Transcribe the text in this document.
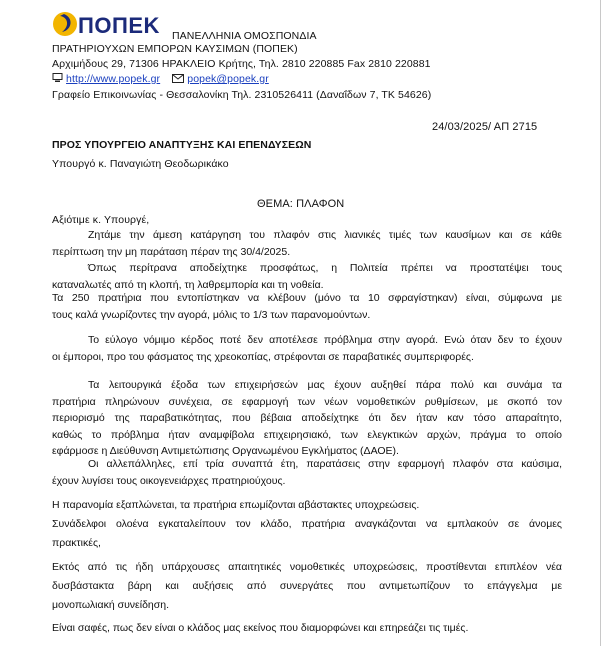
ΠΟΠΕΚ ΠΑΝΕΛΛΗΝΙΑ ΟΜΟΣΠΟΝΔΙΑ
ΠΡΑΤΗΡΙΟΥΧΩΝ ΕΜΠΟΡΩΝ ΚΑΥΣΙΜΩΝ (ΠΟΠΕΚ)
Αρχιμήδους 29, 71306 ΗΡΑΚΛΕΙΟ Κρήτης, Τηλ. 2810 220885 Fax 2810 220881
http://www.popek.gr	popek@popek.gr
Γραφείο Επικοινωνίας - Θεσσαλονίκη Τηλ. 2310526411 (Δαναΐδων 7, ΤΚ 54626)
24/03/2025/ ΑΠ 2715
ΠΡΟΣ ΥΠΟΥΡΓΕΙΟ ΑΝΑΠΤΥΞΗΣ ΚΑΙ ΕΠΕΝΔΥΣΕΩΝ
Υπουργό κ. Παναγιώτη Θεοδωρικάκο
ΘΕΜΑ: ΠΛΑΦΟΝ
Αξιότιμε κ. Υπουργέ,
Ζητάμε την άμεση κατάργηση του πλαφόν στις λιανικές τιμές των καυσίμων και σε κάθε
περίπτωση την μη παράταση πέραν της 30/4/2025.
Όπως περίτρανα αποδείχτηκε προσφάτως, η Πολιτεία πρέπει να προστατέψει τους
καταναλωτές από τη κλοπή, τη λαθρεμπορία και τη νοθεία.
Τα 250 πρατήρια που εντοπίστηκαν να κλέβουν (μόνο τα 10 σφραγίστηκαν) είναι, σύμφωνα με
τους καλά γνωρίζοντες την αγορά, μόλις το 1/3 των παρανομούντων.
Το εύλογο νόμιμο κέρδος ποτέ δεν αποτέλεσε πρόβλημα στην αγορά. Ενώ όταν δεν το έχουν
οι έμποροι, προ του φάσματος της χρεοκοπίας, στρέφονται σε παραβατικές συμπεριφορές.
Τα λειτουργικά έξοδα των επιχειρήσεών μας έχουν αυξηθεί πάρα πολύ και συνάμα τα
πρατήρια πληρώνουν συνέχεια, σε εφαρμογή των νέων νομοθετικών ρυθμίσεων, με σκοπό τον
περιορισμό της παραβατικότητας, που βέβαια αποδείχτηκε ότι δεν ήταν καν τόσο απαραίτητο,
καθώς το πρόβλημα ήταν αναμφίβολα επιχειρησιακό, των ελεγκτικών αρχών, πράγμα το οποίο
εφάρμοσε η Διεύθυνση Αντιμετώπισης Οργανωμένου Εγκλήματος (ΔΑΟΕ).
Οι αλλεπάλληλες, επί τρία συναπτά έτη, παρατάσεις στην εφαρμογή πλαφόν στα καύσιμα,
έχουν λυγίσει τους οικογενειάρχες πρατηριούχους.
Η παρανομία εξαπλώνεται, τα πρατήρια επωμίζονται αβάστακτες υποχρεώσεις.
Συνάδελφοι ολοένα εγκαταλείπουν τον κλάδο, πρατήρια αναγκάζονται να εμπλακούν σε άνομες
πρακτικές,
Εκτός από τις ήδη υπάρχουσες απαιτητικές νομοθετικές υποχρεώσεις, προστίθενται επιπλέον νέα
δυσβάστακτα βάρη και αυξήσεις από συνεργάτες που αντιμετωπίζουν το επάγγελμα με
μονοπωλιακή συνείδηση.
Είναι σαφές, πως δεν είναι ο κλάδος μας εκείνος που διαμορφώνει και επηρεάζει τις τιμές.
